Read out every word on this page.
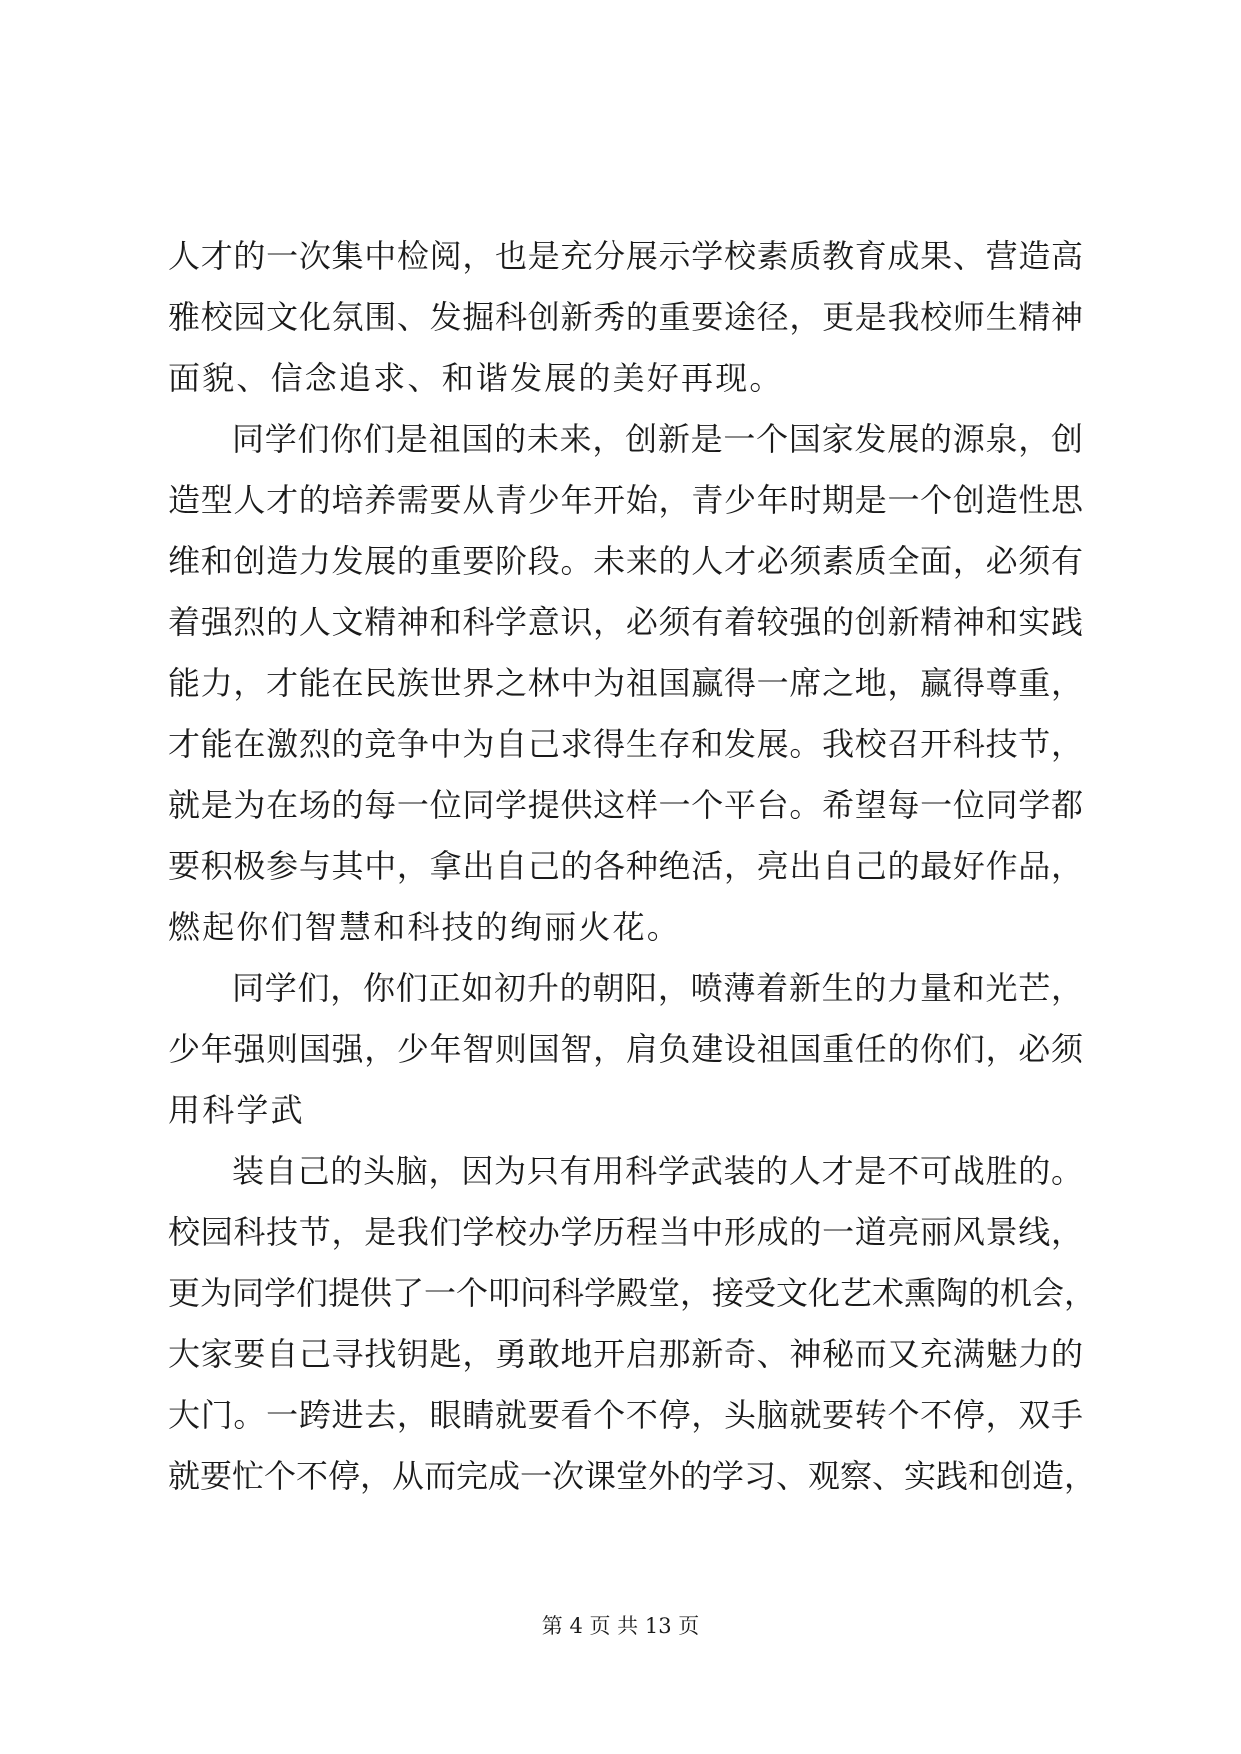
人才的一次集中检阅，也是充分展示学校素质教育成果、营造高
雅校园文化氛围、发掘科创新秀的重要途径，更是我校师生精神
面貌、信念追求、和谐发展的美好再现。
同学们你们是祖国的未来，创新是一个国家发展的源泉，创
造型人才的培养需要从青少年开始，青少年时期是一个创造性思
维和创造力发展的重要阶段。未来的人才必须素质全面，必须有
着强烈的人文精神和科学意识，必须有着较强的创新精神和实践
能力，才能在民族世界之林中为祖国赢得一席之地，赢得尊重，
才能在激烈的竞争中为自己求得生存和发展。我校召开科技节，
就是为在场的每一位同学提供这样一个平台。希望每一位同学都
要积极参与其中，拿出自己的各种绝活，亮出自己的最好作品，
燃起你们智慧和科技的绚丽火花。
同学们，你们正如初升的朝阳，喷薄着新生的力量和光芒，
少年强则国强，少年智则国智，肩负建设祖国重任的你们，必须
用科学武
装自己的头脑，因为只有用科学武装的人才是不可战胜的。
校园科技节，是我们学校办学历程当中形成的一道亮丽风景线，
更为同学们提供了一个叩问科学殿堂，接受文化艺术熏陶的机会，
大家要自己寻找钥匙，勇敢地开启那新奇、神秘而又充满魅力的
大门。一跨进去，眼睛就要看个不停，头脑就要转个不停，双手
就要忙个不停，从而完成一次课堂外的学习、观察、实践和创造，
第 4 页 共 13 页
